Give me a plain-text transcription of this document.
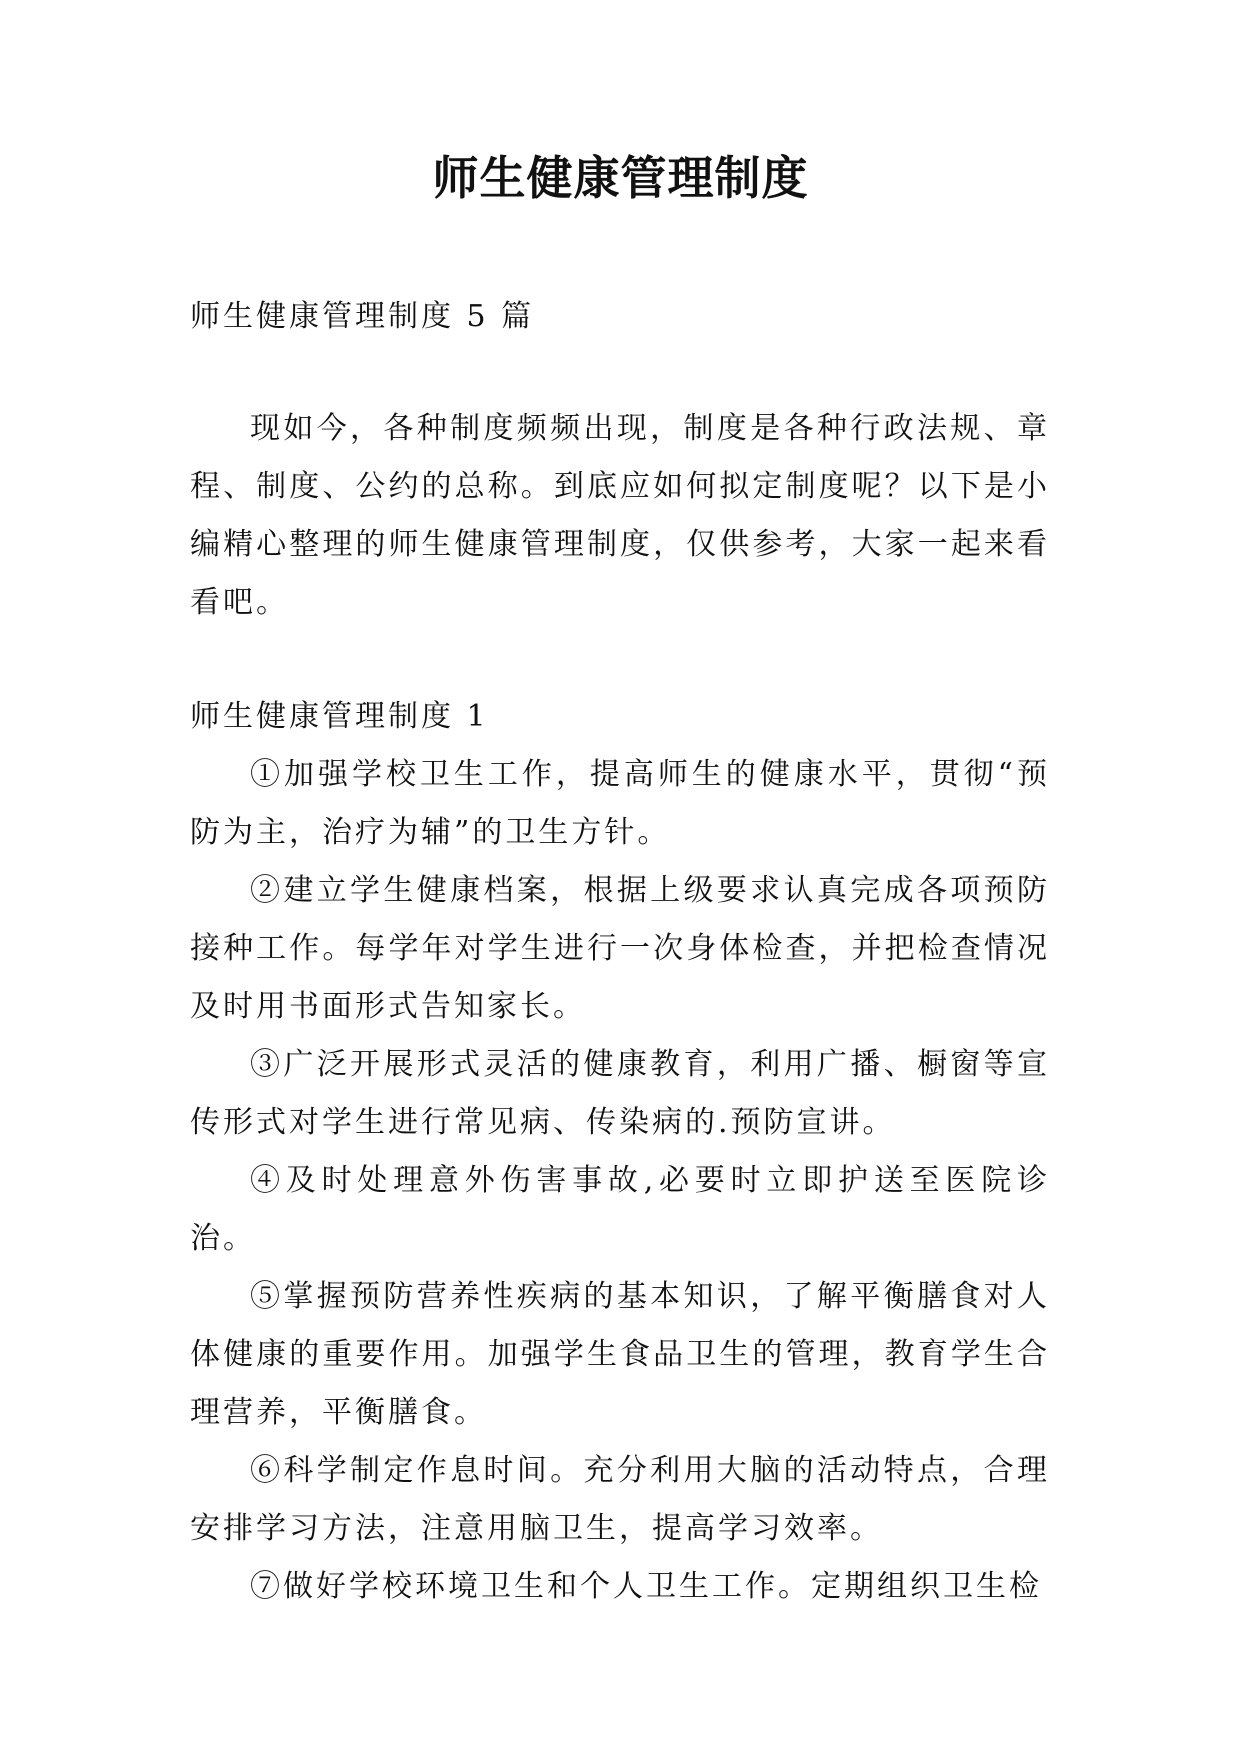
师生健康管理制度

师生健康管理制度 5 篇

现如今，各种制度频频出现，制度是各种行政法规、章程、制度、公约的总称。到底应如何拟定制度呢？以下是小编精心整理的师生健康管理制度，仅供参考，大家一起来看看吧。

师生健康管理制度 1

①加强学校卫生工作，提高师生的健康水平，贯彻“预防为主，治疗为辅”的卫生方针。

②建立学生健康档案，根据上级要求认真完成各项预防接种工作。每学年对学生进行一次身体检查，并把检查情况及时用书面形式告知家长。

③广泛开展形式灵活的健康教育，利用广播、橱窗等宣传形式对学生进行常见病、传染病的.预防宣讲。

④及时处理意外伤害事故,必要时立即护送至医院诊治。

⑤掌握预防营养性疾病的基本知识，了解平衡膳食对人体健康的重要作用。加强学生食品卫生的管理，教育学生合理营养，平衡膳食。

⑥科学制定作息时间。充分利用大脑的活动特点，合理安排学习方法，注意用脑卫生，提高学习效率。

⑦做好学校环境卫生和个人卫生工作。定期组织卫生检
